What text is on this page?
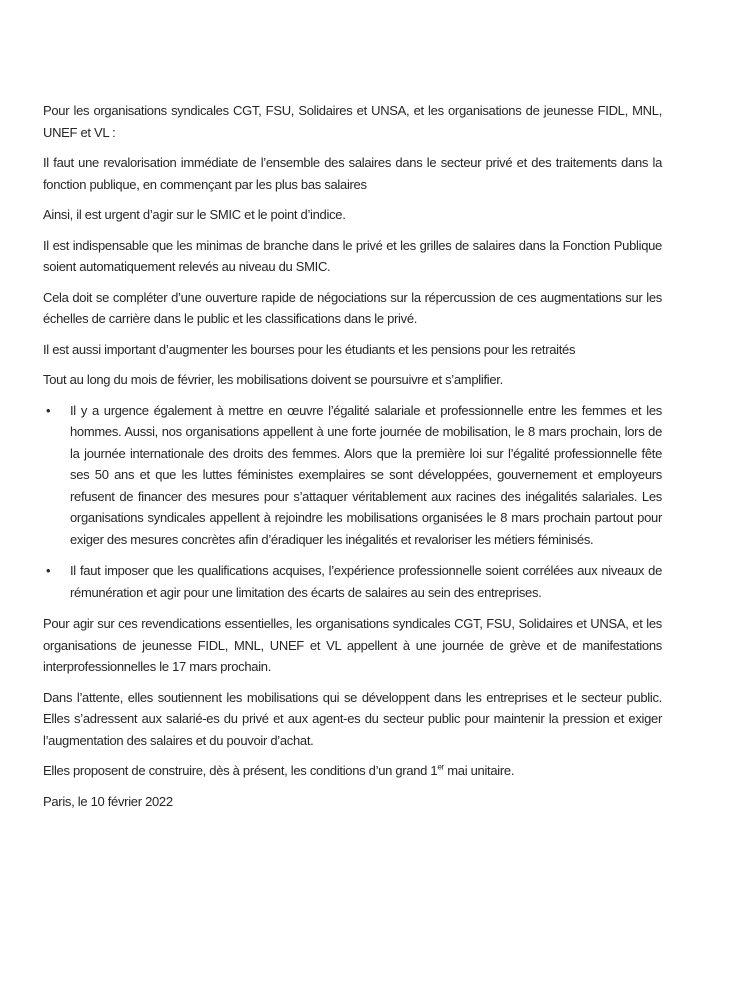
Pour les organisations syndicales CGT, FSU, Solidaires et UNSA, et les organisations de jeunesse FIDL, MNL, UNEF et VL :

Il faut une revalorisation immédiate de l’ensemble des salaires dans le secteur privé et des traitements dans la fonction publique, en commençant par les plus bas salaires

Ainsi, il est urgent d’agir sur le SMIC et le point d’indice.

Il est indispensable que les minimas de branche dans le privé et les grilles de salaires dans la Fonction Publique soient automatiquement relevés au niveau du SMIC.

Cela doit se compléter d’une ouverture rapide de négociations sur la répercussion de ces augmentations sur les échelles de carrière dans le public et les classifications dans le privé.

Il est aussi important d’augmenter les bourses pour les étudiants et les pensions pour les retraités

Tout au long du mois de février, les mobilisations doivent se poursuivre et s’amplifier.

• Il y a urgence également à mettre en œuvre l’égalité salariale et professionnelle entre les femmes et les hommes. Aussi, nos organisations appellent à une forte journée de mobilisation, le 8 mars prochain, lors de la journée internationale des droits des femmes. Alors que la première loi sur l’égalité professionnelle fête ses 50 ans et que les luttes féministes exemplaires se sont développées, gouvernement et employeurs refusent de financer des mesures pour s’attaquer véritablement aux racines des inégalités salariales. Les organisations syndicales appellent à rejoindre les mobilisations organisées le 8 mars prochain partout pour exiger des mesures concrètes afin d’éradiquer les inégalités et revaloriser les métiers féminisés.
• Il faut imposer que les qualifications acquises, l’expérience professionnelle soient corrélées aux niveaux de rémunération et agir pour une limitation des écarts de salaires au sein des entreprises.

Pour agir sur ces revendications essentielles, les organisations syndicales CGT, FSU, Solidaires et UNSA, et les organisations de jeunesse FIDL, MNL, UNEF et VL appellent à une journée de grève et de manifestations interprofessionnelles le 17 mars prochain.

Dans l’attente, elles soutiennent les mobilisations qui se développent dans les entreprises et le secteur public. Elles s’adressent aux salarié-es du privé et aux agent-es du secteur public pour maintenir la pression et exiger l’augmentation des salaires et du pouvoir d’achat.

Elles proposent de construire, dès à présent, les conditions d’un grand 1er mai unitaire.

Paris, le 10 février 2022
